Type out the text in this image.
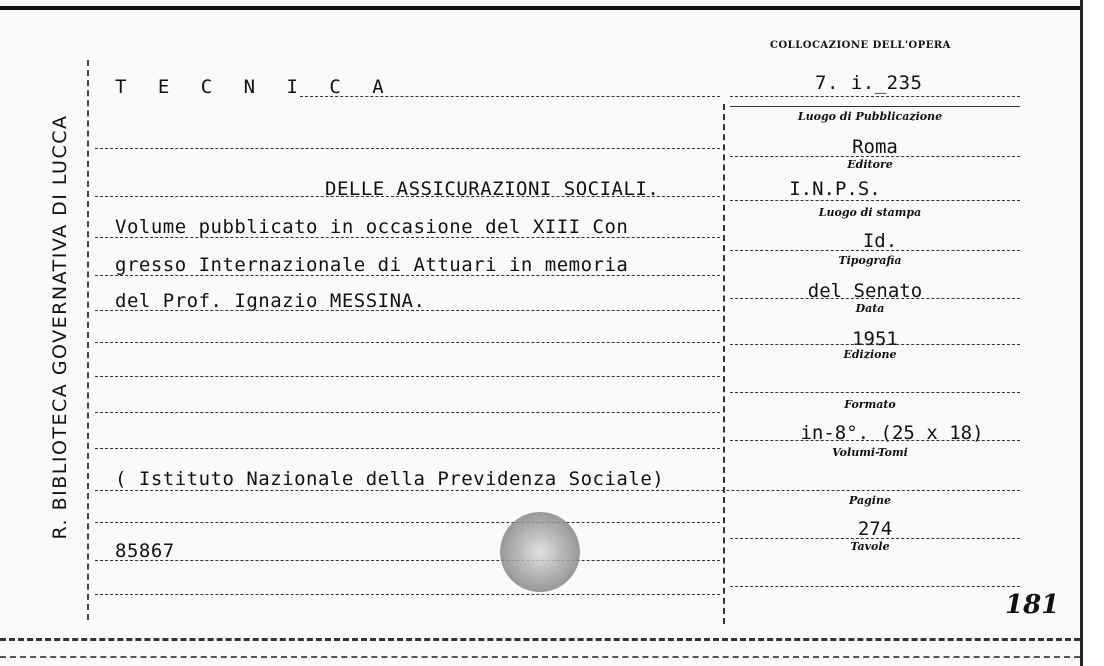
R. BIBLIOTECA GOVERNATIVA DI LUCCA
COLLOCAZIONE DELL'OPERA
7. i._235
T E C N I C A
DELLE ASSICURAZIONI SOCIALI.
Volume pubblicato in occasione del XIII Con
gresso Internazionale di Attuari in memoria
del Prof. Ignazio MESSINA.
( Istituto Nazionale della Previdenza Sociale)
85867
Luogo di Pubblicazione
Roma
Editore
I.N.P.S.
Luogo di stampa
Id.
Tipografia
del Senato
Data
1951
Edizione
Formato
in-8°. (25 x 18)
Volumi-Tomi
Pagine
274
Tavole
181
